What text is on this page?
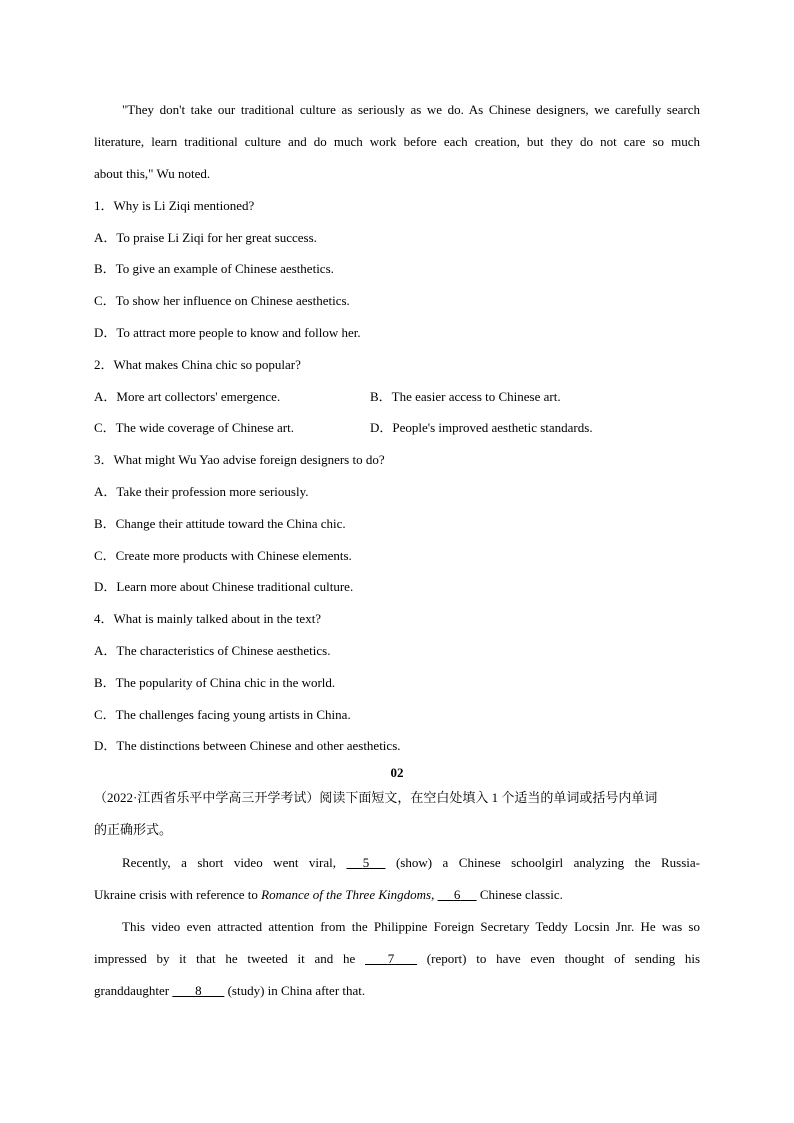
"They don't take our traditional culture as seriously as we do. As Chinese designers, we carefully search
literature, learn traditional culture and do much work before each creation, but they do not care so much
about this," Wu noted.
1．Why is Li Ziqi mentioned?
A．To praise Li Ziqi for her great success.
B．To give an example of Chinese aesthetics.
C．To show her influence on Chinese aesthetics.
D．To attract more people to know and follow her.
2．What makes China chic so popular?
A．More art collectors' emergence.	B．The easier access to Chinese art.
C．The wide coverage of Chinese art.	D．People's improved aesthetic standards.
3．What might Wu Yao advise foreign designers to do?
A．Take their profession more seriously.
B．Change their attitude toward the China chic.
C．Create more products with Chinese elements.
D．Learn more about Chinese traditional culture.
4．What is mainly talked about in the text?
A．The characteristics of Chinese aesthetics.
B．The popularity of China chic in the world.
C．The challenges facing young artists in China.
D．The distinctions between Chinese and other aesthetics.
02
（2022·江西省乐平中学高三开学考试）阅读下面短文，在空白处填入 1 个适当的单词或括号内单词
的正确形式。
Recently, a short video went viral, 5 (show) a Chinese schoolgirl analyzing the Russia-
Ukraine crisis with reference to Romance of the Three Kingdoms, 6 Chinese classic.
This video even attracted attention from the Philippine Foreign Secretary Teddy Locsin Jnr. He was so
impressed by it that he tweeted it and he	7	(report) to have even thought of sending his
granddaughter 8 (study) in China after that.
